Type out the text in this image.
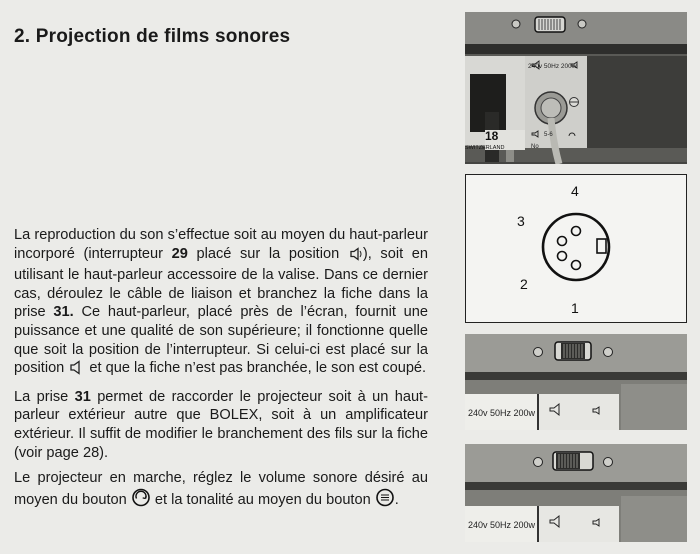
2. Projection de films sonores

La reproduction du son s’effectue soit au moyen du haut-parleur incorporé (interrupteur 29 placé sur la position ), soit en utilisant le haut-parleur accessoire de la valise. Dans ce dernier cas, déroulez le câble de liaison et branchez la fiche dans la prise 31. Ce haut-parleur, placé près de l’écran, fournit une puissance et une qualité de son supérieure; il fonctionne quelle que soit la position de l’interrupteur. Si celui-ci est placé sur la position  et que la fiche n’est pas branchée, le son est coupé.

La prise 31 permet de raccorder le projecteur soit à un haut-parleur extérieur autre que BOLEX, soit à un amplificateur extérieur. Il suffit de modifier le branchement des fils sur la fiche (voir page 28).

Le projecteur en marche, réglez le volume sonore désiré au moyen du bouton  et la tonalité au moyen du bouton .

240v 50Hz 200w
18
SWITZERLAND	No
5-6
4
3
2
1
240v 50Hz 200w
240v 50Hz 200w
